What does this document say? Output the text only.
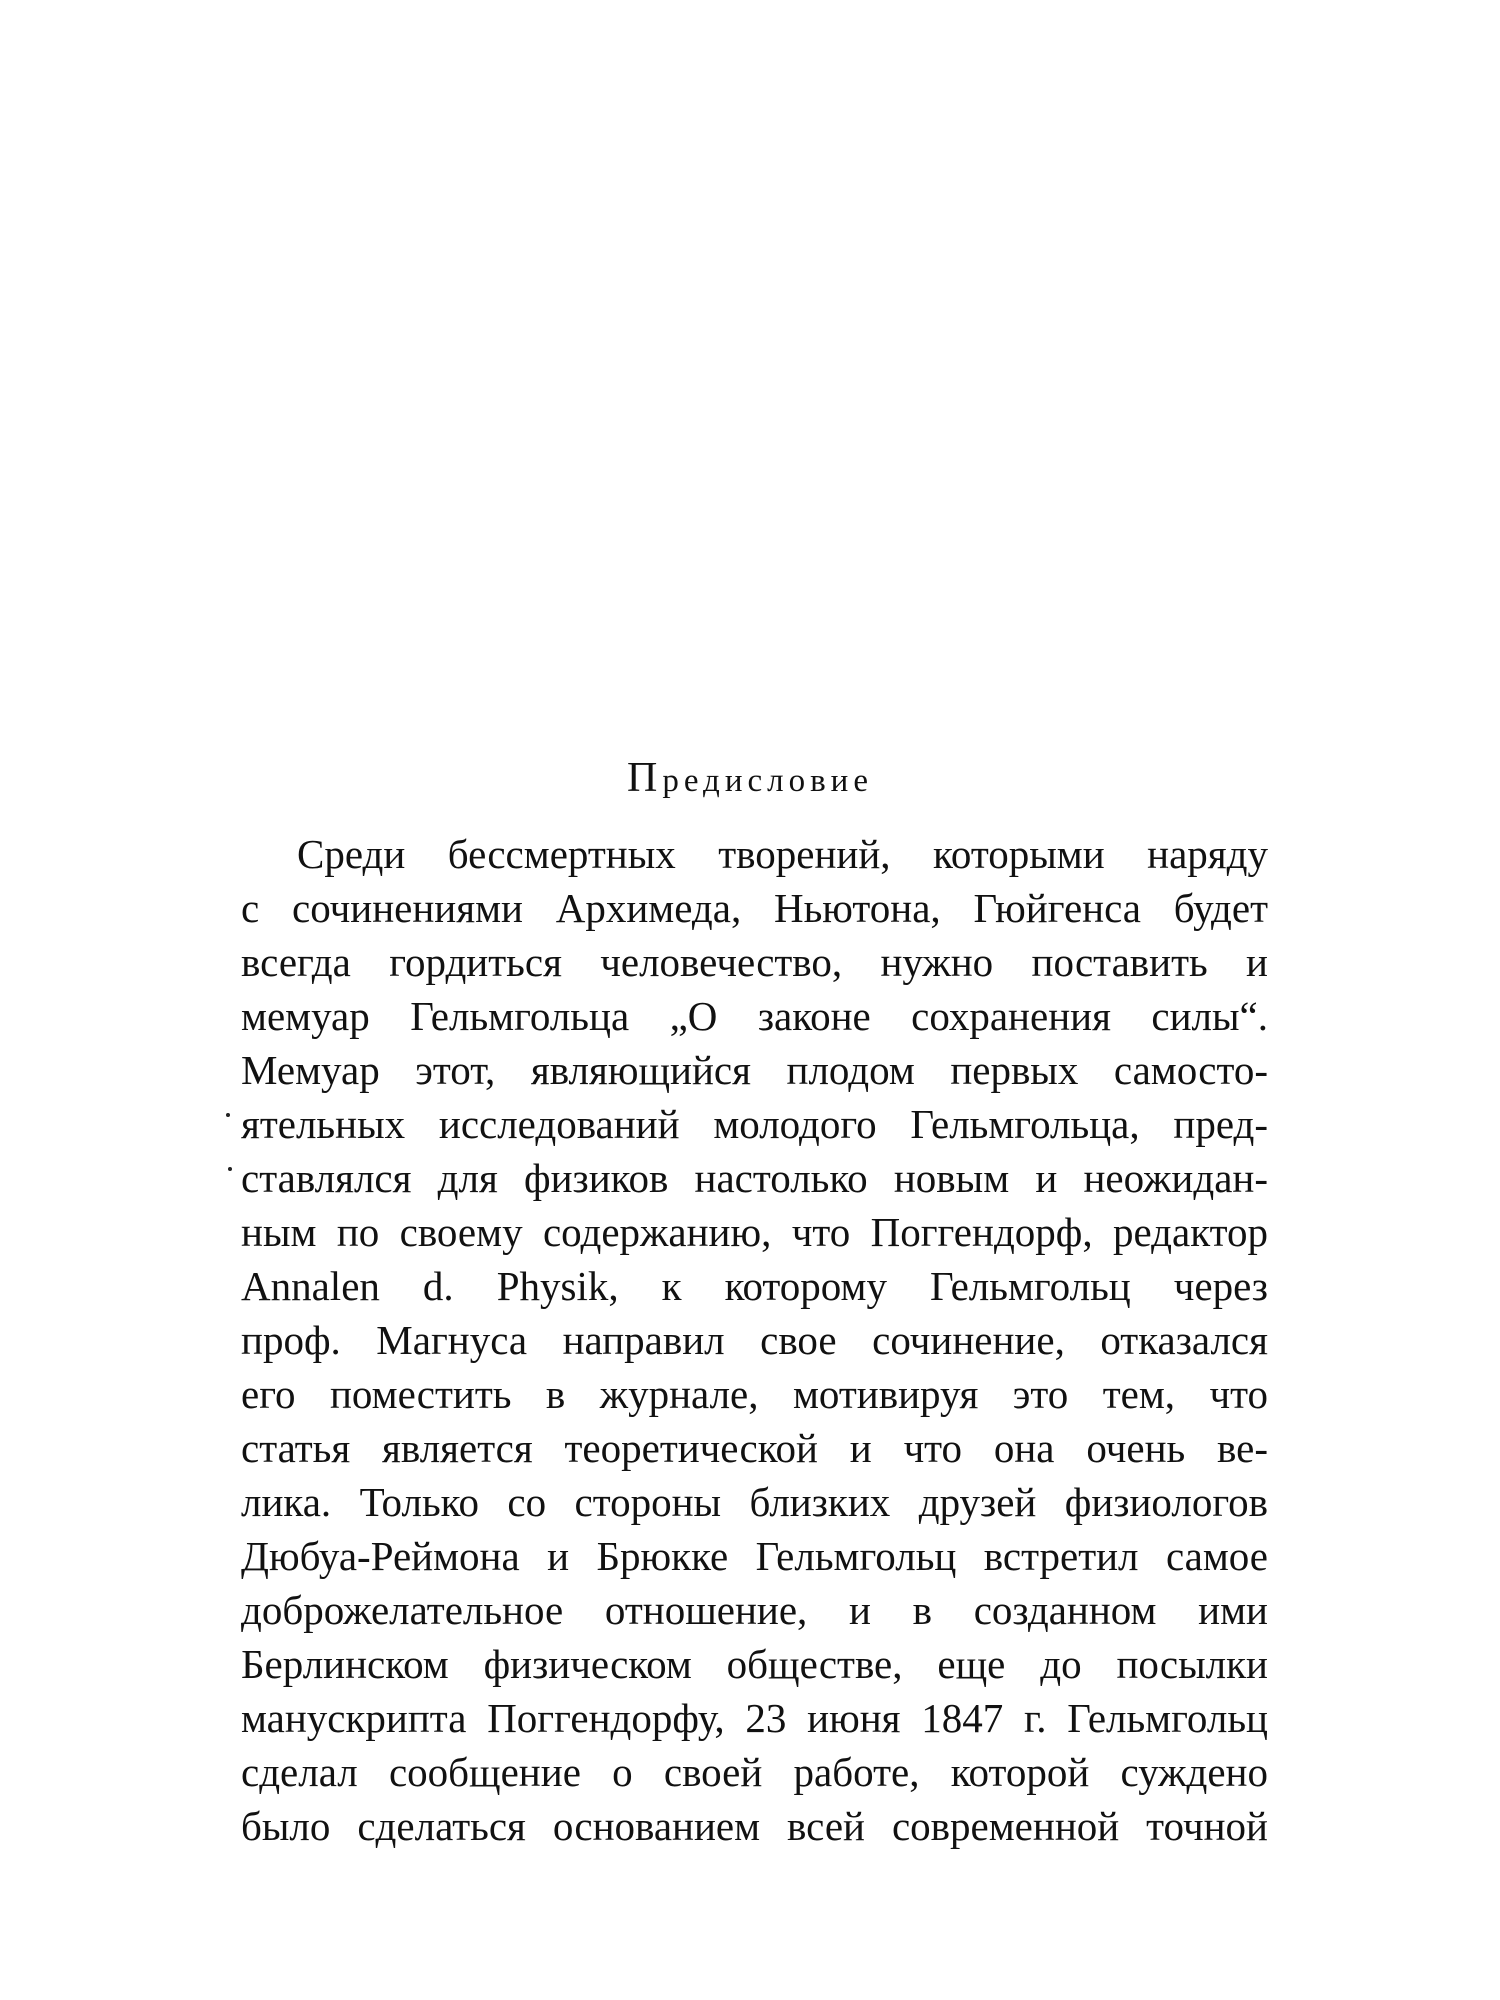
Предисловие
Среди бессмертных творений, которыми наряду
с сочинениями Архимеда, Ньютона, Гюйгенса будет
всегда гордиться человечество, нужно поставить и
мемуар Гельмгольца „О законе сохранения силы“.
Мемуар этот, являющийся плодом первых самосто-
ятельных исследований молодого Гельмгольца, пред-
ставлялся для физиков настолько новым и неожидан-
ным по своему содержанию, что Поггендорф, редактор
Annalen d. Physik, к которому Гельмгольц через
проф. Магнуса направил свое сочинение, отказался
его поместить в журнале, мотивируя это тем, что
статья является теоретической и что она очень ве-
лика. Только со стороны близких друзей физиологов
Дюбуа-Реймона и Брюкке Гельмгольц встретил самое
доброжелательное отношение, и в созданном ими
Берлинском физическом обществе, еще до посылки
манускрипта Поггендорфу, 23 июня 1847 г. Гельмгольц
сделал сообщение о своей работе, которой суждено
было сделаться основанием всей современной точной
